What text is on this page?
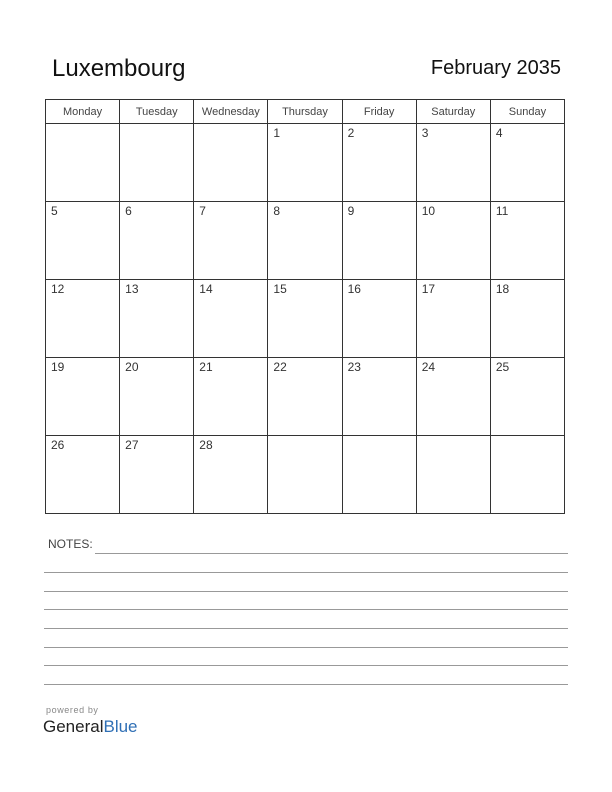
Luxembourg	February 2035
Monday	Tuesday	Wednesday	Thursday	Friday	Saturday	Sunday

			1	2	3	4

5	6	7	8	9	10	11

12	13	14	15	16	17	18

19	20	21	22	23	24	25

26	27	28				

NOTES:
powered by
GeneralBlue
